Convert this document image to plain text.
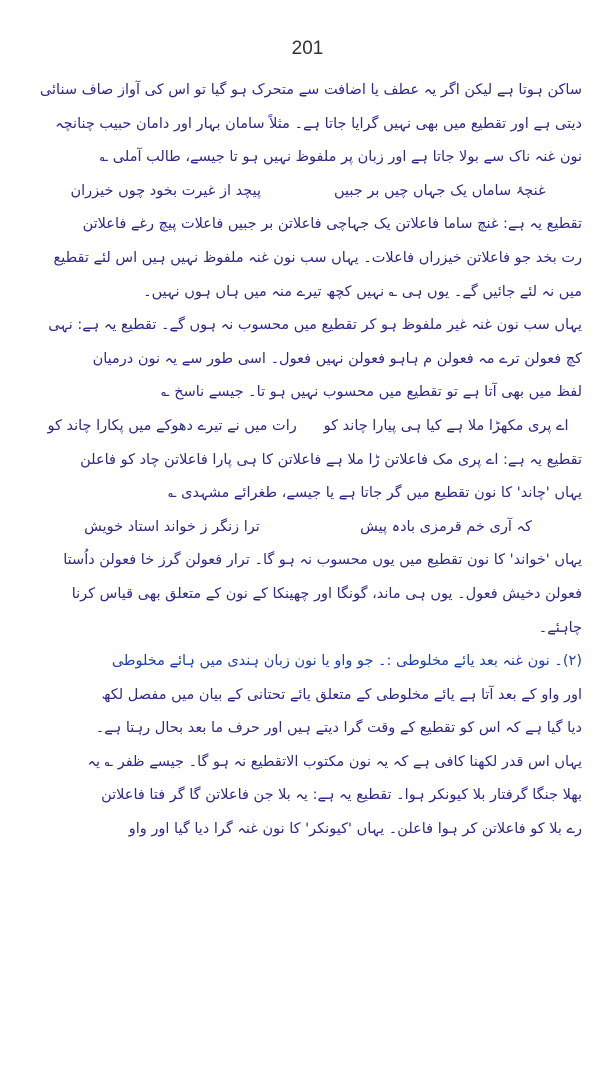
201
ساکن ہوتا ہے لیکن اگر یہ عطف یا اضافت سے متحرک ہو گیا تو اس کی آواز صاف سنائی
دیتی ہے اور تقطیع میں بھی نہیں گرایا جاتا ہے۔ مثلاً سامان بہار اور دامان حبیب چنانچہ
نون غنہ ناک سے بولا جاتا ہے اور زبان پر ملفوظ نہیں ہو تا جیسے، طالب آملی ؎
غنچۂ ساماں یک جہاں چیں بر جبیں
پیچد از غیرت بخود چوں خیزران
تقطیع یہ ہے: غنچ ساما فاعلاتن یک جہاچی فاعلاتن بر جبیں فاعلات پیچ رغے فاعلاتن
رت بخد جو فاعلاتن خیزراں فاعلات۔ یہاں سب نون غنہ ملفوظ نہیں ہیں اس لئے تقطیع
میں نہ لئے جائیں گے۔ یوں ہی ؎ نہیں کچھ تیرے منہ میں ہاں ہوں نہیں۔
یہاں سب نون غنہ غیر ملفوظ ہو کر تقطیع میں محسوب نہ ہوں گے۔ تقطیع یہ ہے: نہی
کچ فعولن ترے مہ فعولن م ہاہو فعولن نہیں فعول۔ اسی طور سے یہ نون درمیان
لفظ میں بھی آتا ہے تو تقطیع میں محسوب نہیں ہو تا۔ جیسے ناسخ ؎
اے پری مکھڑا ملا ہے کیا ہی پیارا چاند کو
رات میں نے تیرے دھوکے میں پکارا چاند کو
تقطیع یہ ہے: اے پری مک فاعلاتن ڑا ملا ہے فاعلاتن کا ہی پارا فاعلاتن چاد کو فاعلن
یہاں 'چاند' کا نون تقطیع میں گر جاتا ہے یا جیسے، طغرائے مشہدی ؎
کہ آری خم قرمزی بادہ پیش
ترا زنگر ز خواند استاد خویش
یہاں 'خواند' کا نون تقطیع میں یوں محسوب نہ ہو گا۔ ترار فعولن گرز خا فعولن داُستا
فعولن دخیش فعول۔ یوں ہی ماند، گونگا اور چھینکا کے نون کے متعلق بھی قیاس کرنا
چاہئے۔
(۲)۔ نون غنہ بعد یائے مخلوطی :۔ جو واو یا نون زبان ہندی میں ہائے مخلوطی
اور واو کے بعد آتا ہے یائے مخلوطی کے متعلق یائے تحتانی کے بیان میں مفصل لکھ
دیا گیا ہے کہ اس کو تقطیع کے وقت گرا دیتے ہیں اور حرف ما بعد بحال رہتا ہے۔
یہاں اس قدر لکھنا کافی ہے کہ یہ نون مکتوب الاتقطیع نہ ہو گا۔ جیسے ظفر ؎ یہ
بھلا جنگا گرفتار بلا کیونکر ہوا۔ تقطیع یہ ہے: یہ بلا جن فاعلاتن گا گر فتا فاعلاتن
رے بلا کو فاعلاتن کر ہوا فاعلن۔ یہاں 'کیونکر' کا نون غنہ گرا دیا گیا اور واو
